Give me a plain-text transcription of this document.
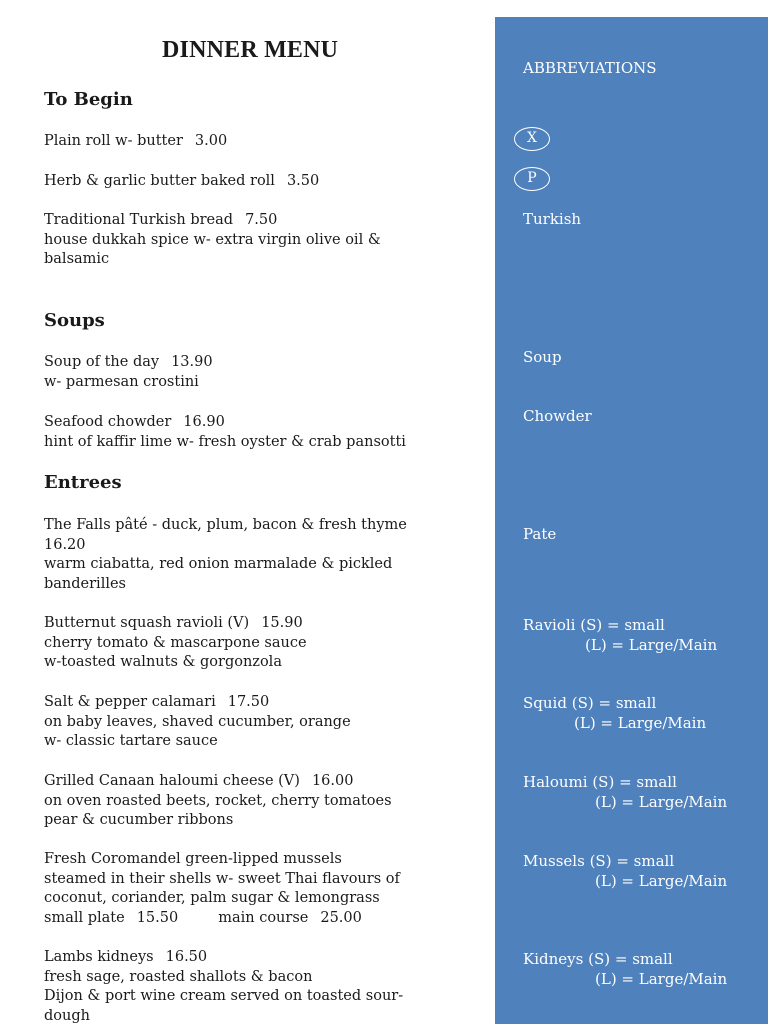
DINNER MENU
To Begin
Plain roll w- butter 3.00
Herb & garlic butter baked roll 3.50
Traditional Turkish bread 7.50
house dukkah spice w- extra virgin olive oil &
balsamic
Soups
Soup of the day 13.90
w- parmesan crostini
Seafood chowder 16.90
hint of kaffir lime w- fresh oyster & crab pansotti
Entrees
The Falls pâté - duck, plum, bacon & fresh thyme
16.20
warm ciabatta, red onion marmalade & pickled
banderilles
Butternut squash ravioli (V) 15.90
cherry tomato & mascarpone sauce
w-toasted walnuts & gorgonzola
Salt & pepper calamari 17.50
on baby leaves, shaved cucumber, orange
w- classic tartare sauce
Grilled Canaan haloumi cheese (V) 16.00
on oven roasted beets, rocket, cherry tomatoes
pear & cucumber ribbons
Fresh Coromandel green-lipped mussels
steamed in their shells w- sweet Thai flavours of
coconut, coriander, palm sugar & lemongrass
small plate 15.50	main course 25.00
Lambs kidneys 16.50
fresh sage, roasted shallots & bacon
Dijon & port wine cream served on toasted sour-
dough
ABBREVIATIONS
X
P
Turkish
Soup
Chowder
Pate
Ravioli (S) = small
(L) = Large/Main
Squid (S) = small
(L) = Large/Main
Haloumi (S) = small
(L) = Large/Main
Mussels (S) = small
(L) = Large/Main
Kidneys (S) = small
(L) = Large/Main
